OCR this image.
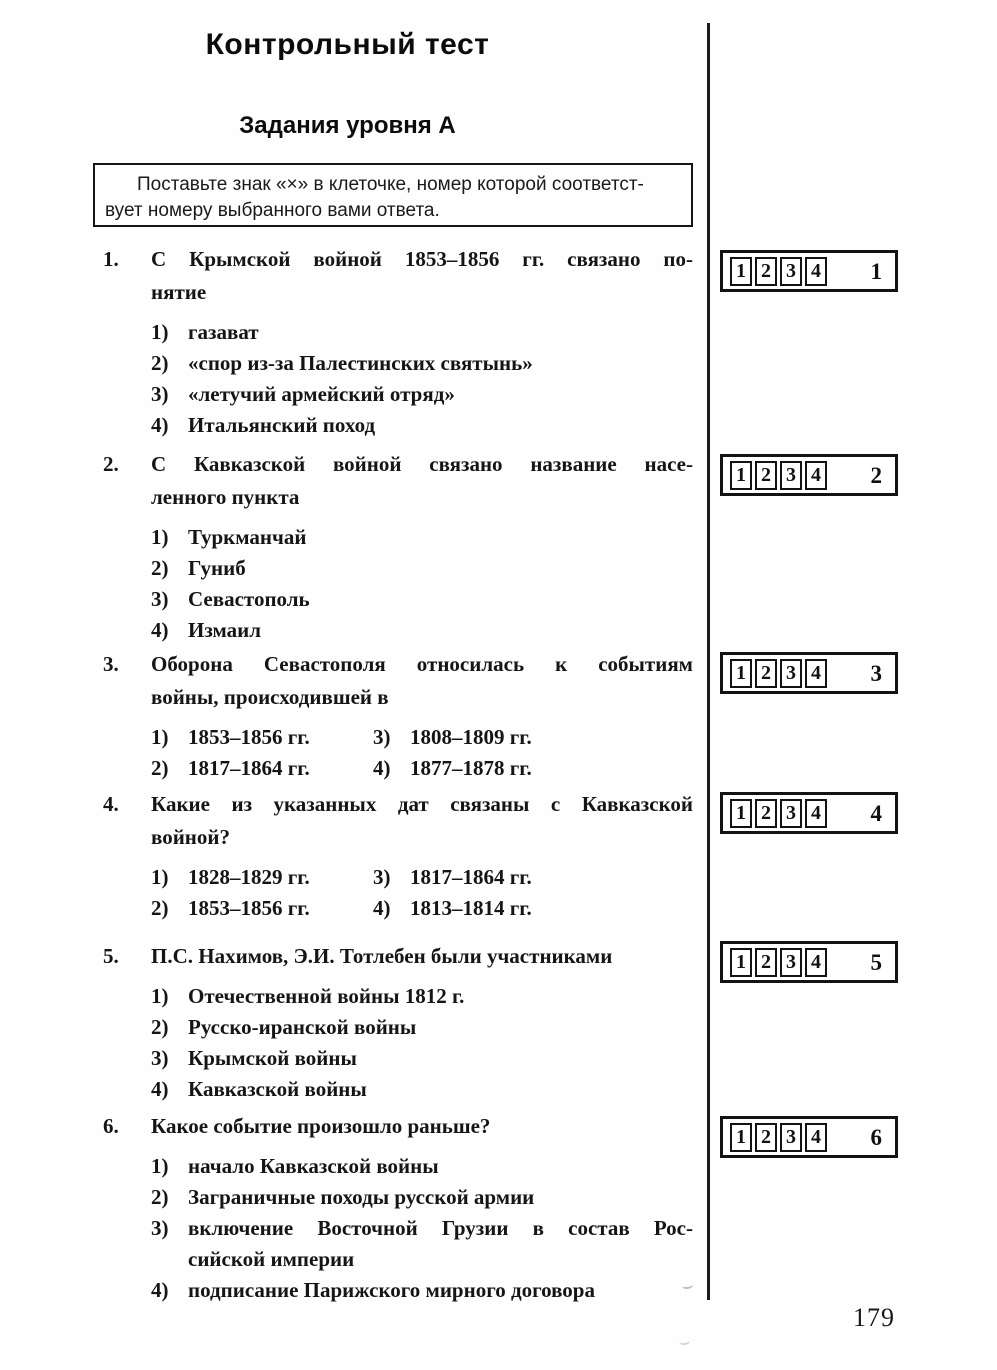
Контрольный тест
Задания уровня А
Поставьте знак «×» в клеточке, номер которой соответст-
вует номеру выбранного вами ответа.
1.	С Крымской войной 1853–1856 гг. связано по-
нятие
1) газават
2) «спор из-за Палестинских святынь»
3) «летучий армейский отряд»
4) Итальянский поход
2.	С Кавказской войной связано название насе-
ленного пункта
1) Туркманчай
2) Гуниб
3) Севастополь
4) Измаил
3.	Оборона Севастополя относилась к событиям
войны, происходившей в
1) 1853–1856 гг.	3) 1808–1809 гг.
2) 1817–1864 гг.	4) 1877–1878 гг.
4.	Какие из указанных дат связаны с Кавказской
войной?
1) 1828–1829 гг.	3) 1817–1864 гг.
2) 1853–1856 гг.	4) 1813–1814 гг.
5.	П.С. Нахимов, Э.И. Тотлебен были участниками
1) Отечественной войны 1812 г.
2) Русско-иранской войны
3) Крымской войны
4) Кавказской войны
6.	Какое событие произошло раньше?
1) начало Кавказской войны
2) Заграничные походы русской армии
3) включение Восточной Грузии в состав Рос-
сийской империи
4) подписание Парижского мирного договора
1 2 3 4 1
1 2 3 4 2
1 2 3 4 3
1 2 3 4 4
1 2 3 4 5
1 2 3 4 6
179
